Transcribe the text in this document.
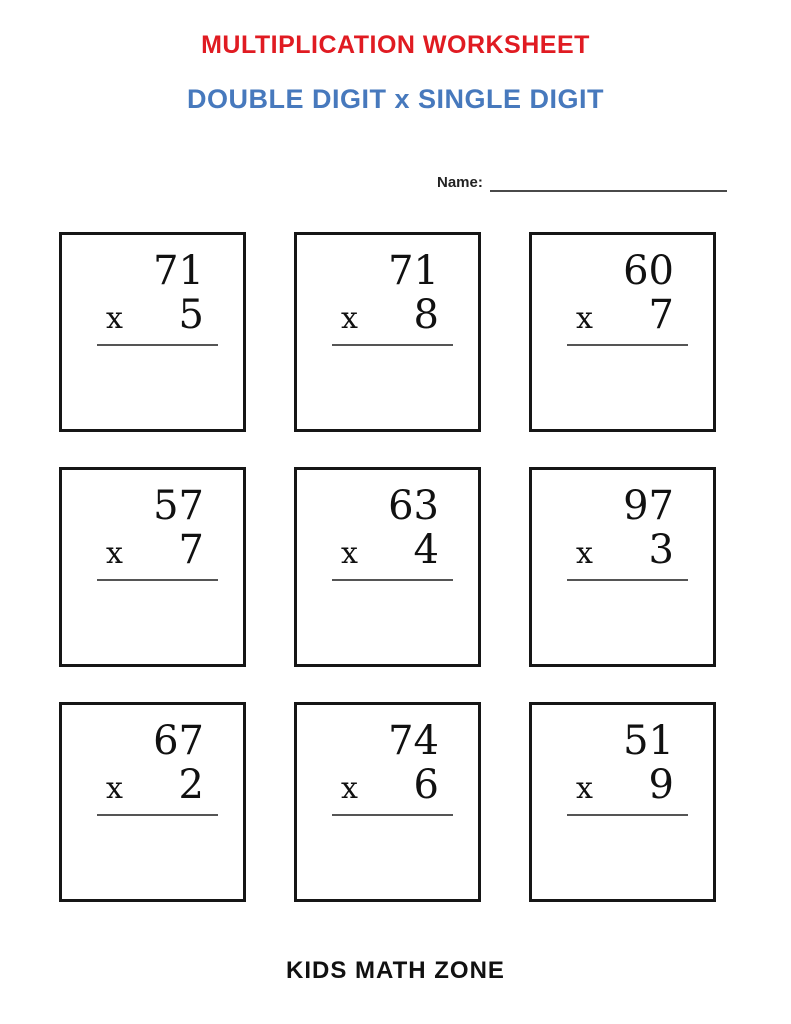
MULTIPLICATION WORKSHEET
DOUBLE DIGIT x SINGLE DIGIT
Name:
71
x 5
71
x 8
60
x 7
57
x 7
63
x 4
97
x 3
67
x 2
74
x 6
51
x 9
KIDS MATH ZONE
